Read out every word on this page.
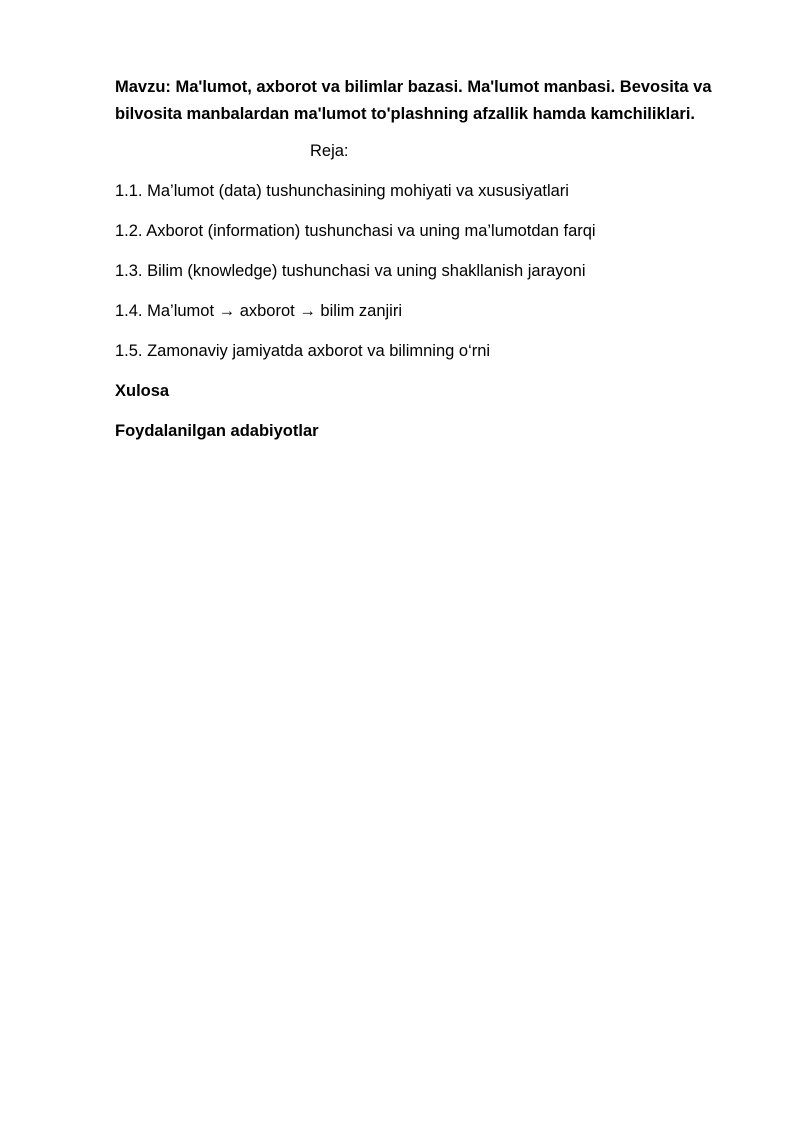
Mavzu: Ma'lumot, axborot va bilimlar bazasi. Ma'lumot manbasi. Bevosita va bilvosita manbalardan ma'lumot to'plashning afzallik hamda kamchiliklari.

Reja:

1.1. Ma’lumot (data) tushunchasining mohiyati va xususiyatlari

1.2. Axborot (information) tushunchasi va uning ma’lumotdan farqi

1.3. Bilim (knowledge) tushunchasi va uning shakllanish jarayoni

1.4. Ma’lumot → axborot → bilim zanjiri

1.5. Zamonaviy jamiyatda axborot va bilimning o‘rni

Xulosa

Foydalanilgan adabiyotlar
